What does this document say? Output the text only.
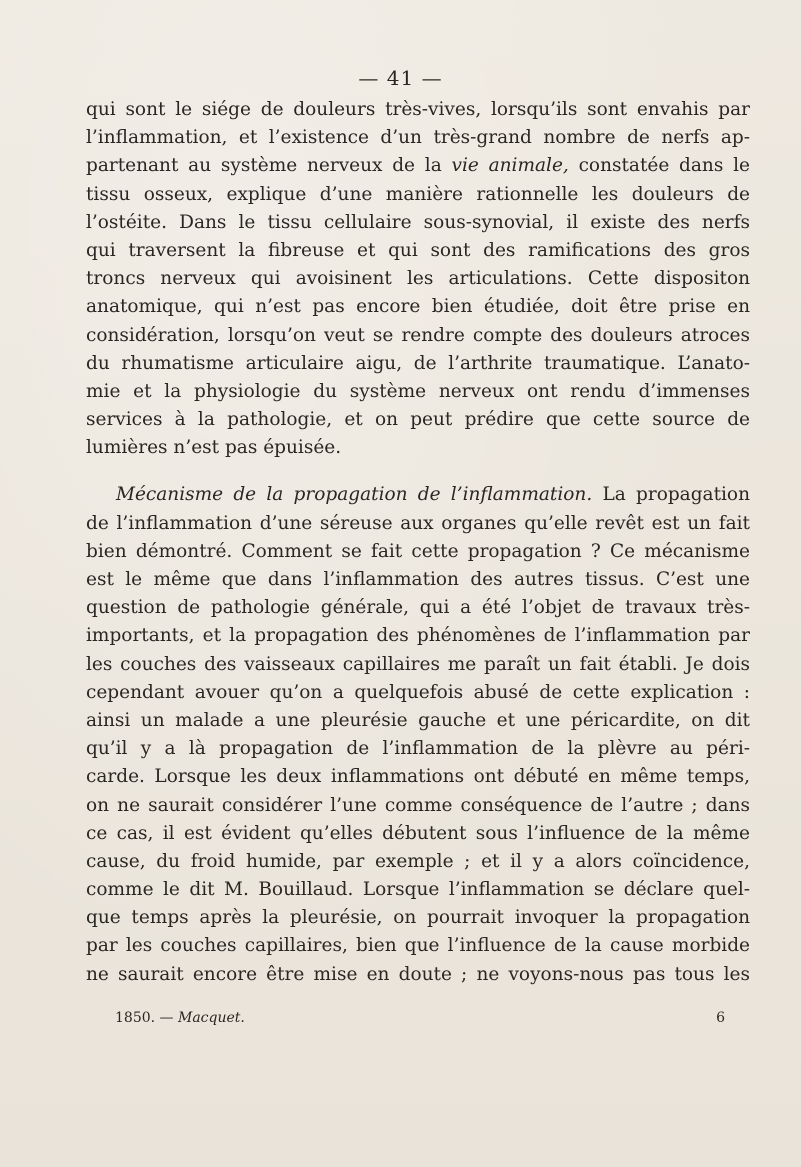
— 41 —
qui sont le siége de douleurs très-vives, lorsqu’ils sont envahis par
l’inflammation, et l’existence d’un très-grand nombre de nerfs ap-
partenant au système nerveux de la vie animale, constatée dans le
tissu osseux, explique d’une manière rationnelle les douleurs de
l’ostéite. Dans le tissu cellulaire sous-synovial, il existe des nerfs
qui traversent la fibreuse et qui sont des ramifications des gros
troncs nerveux qui avoisinent les articulations. Cette dispositon
anatomique, qui n’est pas encore bien étudiée, doit être prise en
considération, lorsqu’on veut se rendre compte des douleurs atroces
du rhumatisme articulaire aigu, de l’arthrite traumatique. L’anato-
mie et la physiologie du système nerveux ont rendu d’immenses
services à la pathologie, et on peut prédire que cette source de
lumières n’est pas épuisée.
Mécanisme de la propagation de l’inflammation. La propagation
de l’inflammation d’une séreuse aux organes qu’elle revêt est un fait
bien démontré. Comment se fait cette propagation ? Ce mécanisme
est le même que dans l’inflammation des autres tissus. C’est une
question de pathologie générale, qui a été l’objet de travaux très-
importants, et la propagation des phénomènes de l’inflammation par
les couches des vaisseaux capillaires me paraît un fait établi. Je dois
cependant avouer qu’on a quelquefois abusé de cette explication :
ainsi un malade a une pleurésie gauche et une péricardite, on dit
qu’il y a là propagation de l’inflammation de la plèvre au péri-
carde. Lorsque les deux inflammations ont débuté en même temps,
on ne saurait considérer l’une comme conséquence de l’autre ; dans
ce cas, il est évident qu’elles débutent sous l’influence de la même
cause, du froid humide, par exemple ; et il y a alors coïncidence,
comme le dit M. Bouillaud. Lorsque l’inflammation se déclare quel-
que temps après la pleurésie, on pourrait invoquer la propagation
par les couches capillaires, bien que l’influence de la cause morbide
ne saurait encore être mise en doute ; ne voyons-nous pas tous les
1850. — Macquet.	6
